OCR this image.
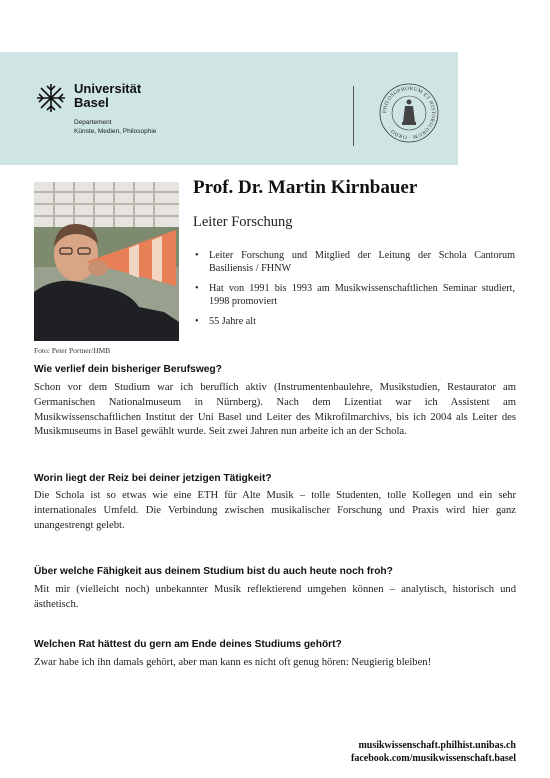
Universität
Basel
Departement
Künste, Medien, Philosophie
PHILOSOPHORUM ET HISTORICORUM · ORDO ·
Foto: Peter Portner/HMB
Prof. Dr. Martin Kirnbauer
Leiter Forschung
• Leiter Forschung und Mitglied der Leitung der Schola Cantorum Basiliensis / FHNW
• Hat von 1991 bis 1993 am Musikwissenschaftlichen Seminar studiert, 1998 promoviert
• 55 Jahre alt
Wie verlief dein bisheriger Berufsweg?
Schon vor dem Studium war ich beruflich aktiv (Instrumentenbaulehre, Musikstudien, Restaurator am Germanischen Nationalmuseum in Nürnberg). Nach dem Lizentiat war ich Assistent am Musikwissenschaftlichen Institut der Uni Basel und Leiter des Mikrofilmarchivs, bis ich 2004 als Leiter des Musikmuseums in Basel gewählt wurde. Seit zwei Jahren nun arbeite ich an der Schola.
Worin liegt der Reiz bei deiner jetzigen Tätigkeit?
Die Schola ist so etwas wie eine ETH für Alte Musik – tolle Studenten, tolle Kollegen und ein sehr internationales Umfeld. Die Verbindung zwischen musikalischer Forschung und Praxis wird hier ganz unangestrengt gelebt.
Über welche Fähigkeit aus deinem Studium bist du auch heute noch froh?
Mit mir (vielleicht noch) unbekannter Musik reflektierend umgehen können – analytisch, historisch und ästhetisch.
Welchen Rat hättest du gern am Ende deines Studiums gehört?
Zwar habe ich ihn damals gehört, aber man kann es nicht oft genug hören: Neugierig bleiben!
musikwissenschaft.philhist.unibas.ch
facebook.com/musikwissenschaft.basel
